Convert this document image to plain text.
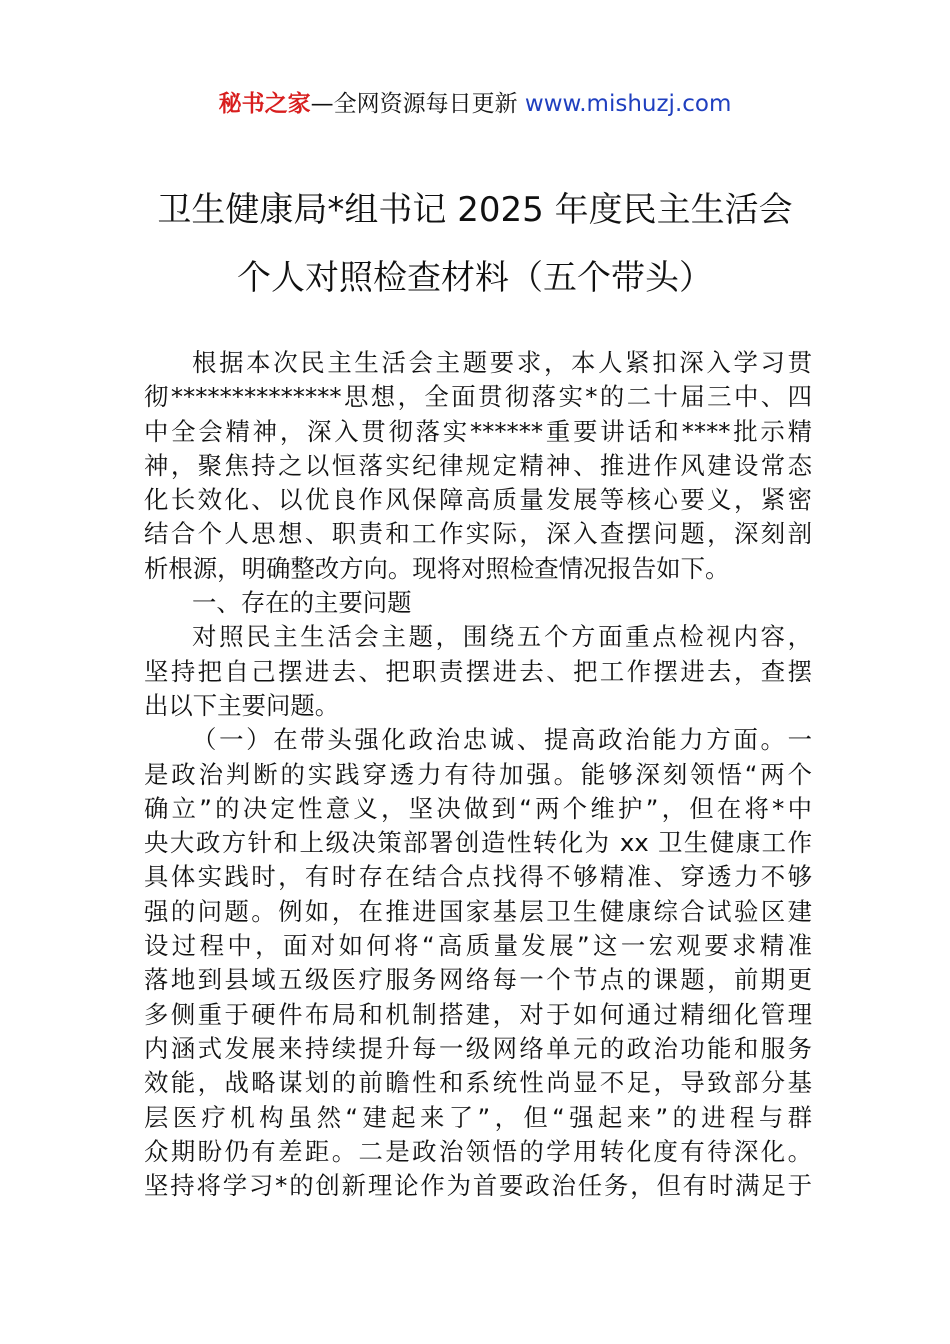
秘书之家—全网资源每日更新 www.mishuzj.com
卫生健康局*组书记 2025 年度民主生活会
个人对照检查材料（五个带头）
根据本次民主生活会主题要求，本人紧扣深入学习贯
彻**************思想，全面贯彻落实*的二十届三中、四
中全会精神，深入贯彻落实******重要讲话和****批示精
神，聚焦持之以恒落实纪律规定精神、推进作风建设常态
化长效化、以优良作风保障高质量发展等核心要义，紧密
结合个人思想、职责和工作实际，深入查摆问题，深刻剖
析根源，明确整改方向。现将对照检查情况报告如下。
一、存在的主要问题
对照民主生活会主题，围绕五个方面重点检视内容，
坚持把自己摆进去、把职责摆进去、把工作摆进去，查摆
出以下主要问题。
（一）在带头强化政治忠诚、提高政治能力方面。一
是政治判断的实践穿透力有待加强。能够深刻领悟“两个
确立”的决定性意义，坚决做到“两个维护”，但在将*中
央大政方针和上级决策部署创造性转化为 xx 卫生健康工作
具体实践时，有时存在结合点找得不够精准、穿透力不够
强的问题。例如，在推进国家基层卫生健康综合试验区建
设过程中，面对如何将“高质量发展”这一宏观要求精准
落地到县域五级医疗服务网络每一个节点的课题，前期更
多侧重于硬件布局和机制搭建，对于如何通过精细化管理
内涵式发展来持续提升每一级网络单元的政治功能和服务
效能，战略谋划的前瞻性和系统性尚显不足，导致部分基
层医疗机构虽然“建起来了”，但“强起来”的进程与群
众期盼仍有差距。二是政治领悟的学用转化度有待深化。
坚持将学习*的创新理论作为首要政治任务，但有时满足于
